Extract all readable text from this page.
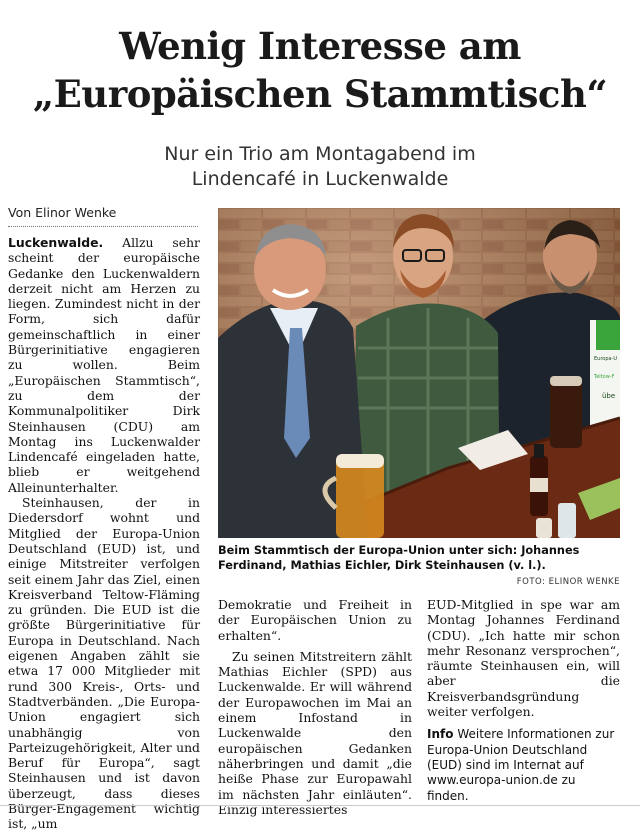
Wenig Interesse am
„Europäischen Stammtisch“
Nur ein Trio am Montagabend im
Lindencafé in Luckenwalde
Von Elinor Wenke

Luckenwalde. Allzu sehr scheint der europäische Gedanke den Luckenwaldern derzeit nicht am Herzen zu liegen. Zumindest nicht in der Form, sich dafür gemeinschaftlich in einer Bürgerinitiative engagieren zu wollen. Beim „Europäischen Stammtisch“, zu dem der Kommunalpolitiker Dirk Steinhausen (CDU) am Montag ins Luckenwalder Lindencafé eingeladen hatte, blieb er weitgehend Alleinunterhalter.

Steinhausen, der in Diedersdorf wohnt und Mitglied der Europa-Union Deutschland (EUD) ist, und einige Mitstreiter verfolgen seit einem Jahr das Ziel, einen Kreisverband Teltow-Fläming zu gründen. Die EUD ist die größte Bürgerinitiative für Europa in Deutschland. Nach eigenen Angaben zählt sie etwa 17 000 Mitglieder mit rund 300 Kreis-, Orts- und Stadtverbänden. „Die Europa-Union engagiert sich unabhängig von Parteizugehörigkeit, Alter und Beruf für Europa“, sagt Steinhausen und ist davon überzeugt, dass dieses Bürger-Engagement wichtig ist, „um

Europa-U
Teltow-F
übe
Beim Stammtisch der Europa-Union unter sich: Johannes Ferdinand, Mathias Eichler, Dirk Steinhausen (v. l.).
FOTO: ELINOR WENKE

Demokratie und Freiheit in der Europäischen Union zu erhalten“.

Zu seinen Mitstreitern zählt Mathias Eichler (SPD) aus Luckenwalde. Er will während der Europawochen im Mai an einem Infostand in Luckenwalde den europäischen Gedanken näherbringen und damit „die heiße Phase zur Europawahl im nächsten Jahr einläuten“. Einzig interessiertes

EUD-Mitglied in spe war am Montag Johannes Ferdinand (CDU). „Ich hatte mir schon mehr Resonanz versprochen“, räumte Steinhausen ein, will aber die Kreisverbandsgründung weiter verfolgen.

Info Weitere Informationen zur Europa-Union Deutschland (EUD) sind im Internat auf www.europa-union.de zu finden.
